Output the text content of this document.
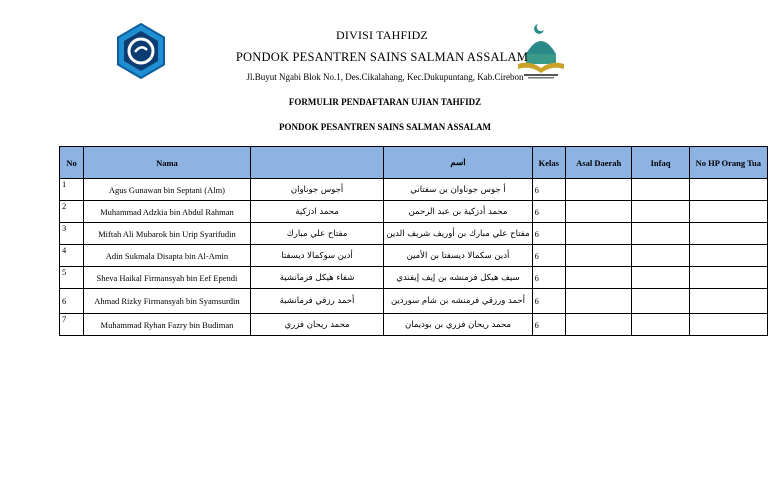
DIVISI TAHFIDZ
PONDOK PESANTREN SAINS SALMAN ASSALAM
Jl.Buyut Ngabi Blok No.1, Des.Cikalahang, Kec.Dukupuntang, Kab.Cirebon
FORMULIR PENDAFTARAN UJIAN TAHFIDZ
PONDOK PESANTREN SAINS SALMAN ASSALAM
No	Nama		اسم	Kelas	Asal Daerah	Infaq	No HP Orang Tua
1	Agus Gunawan bin Septani (Alm)	أجوس جوناوان	أ جوس جوناوان بن سفتاني	6			
2	Muhammad Adzkia bin Abdul Rahman	محمد ادزكية	محمد أدزكية بن عبد الرحمن	6			
3	Miftah Ali Mubarok bin Urip Syarifudin	مفتاح علي مبارك	مفتاح علي مبارك بن أوريف شريف الدين	6			
4	Adin Sukmala Disapta bin Al-Amin	أدين سوكمالا ديسفتا	أدين سكمالا ديسفتا بن الأمين	6			
5	Sheva Haikal Firmansyah bin Eef Ependi	شفاء هيكل فرمانشية	سيف هيكل فرمنشه بن إيف إيفندي	6			
6	Ahmad Rizky Firmansyah bin Syamsurdin	أحمد رزقي فرمانشية	أحمد ورزقي فرمنشه بن شام سوردين	6			
7	Muhammad Ryhan Fazry bin Budiman	محمد ريحان فزري	محمد ريحان فزري بن بوديمان	6			
